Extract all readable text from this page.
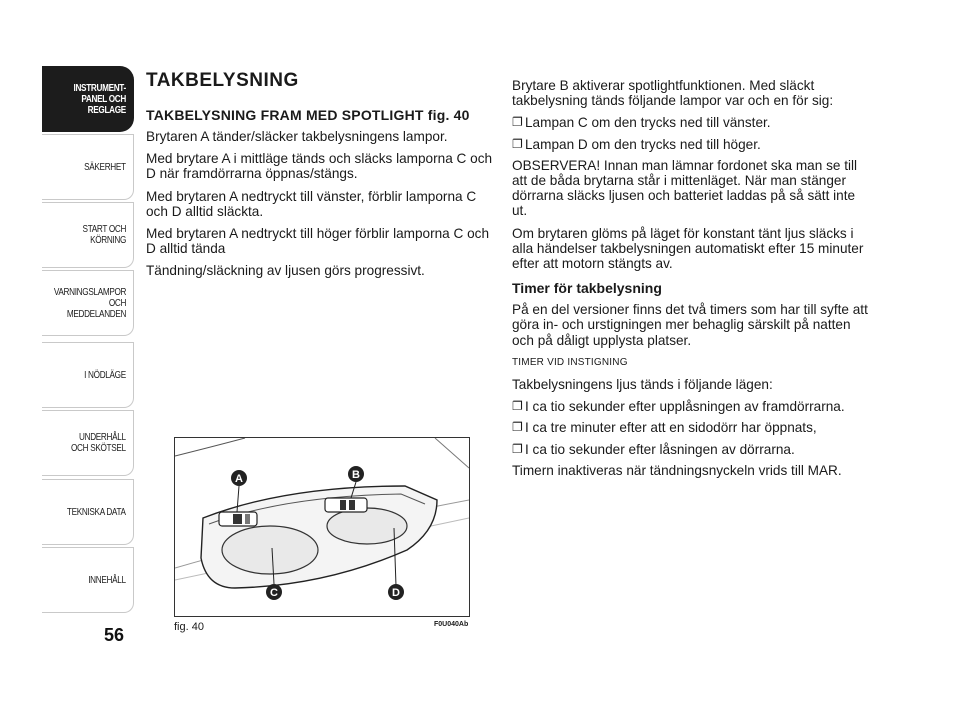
INSTRUMENT-
PANEL OCH
REGLAGE
SÄKERHET
START OCH
KÖRNING
VARNINGSLAMPOR
OCH
MEDDELANDEN
I NÖDLÄGE
UNDERHÅLL
OCH SKÖTSEL
TEKNISKA DATA
INNEHÅLL
56
TAKBELYSNING
TAKBELYSNING FRAM MED SPOTLIGHT fig. 40

Brytaren A tänder/släcker takbelysningens lampor.

Med brytare A i mittläge tänds och släcks lamporna C och D när framdörrarna öppnas/stängs.

Med brytaren A nedtryckt till vänster, förblir lamporna C och D alltid släckta.

Med brytaren A nedtryckt till höger förblir lamporna C och D alltid tända

Tändning/släckning av ljusen görs progressivt.

Brytare B aktiverar spotlightfunktionen. Med släckt takbelysning tänds följande lampor var och en för sig:

❐ Lampan C om den trycks ned till vänster.
❐ Lampan D om den trycks ned till höger.

OBSERVERA! Innan man lämnar fordonet ska man se till att de båda brytarna står i mittenläget. När man stänger dörrarna släcks ljusen och batteriet laddas på så sätt inte ut.

Om brytaren glöms på läget för konstant tänt ljus släcks i alla händelser takbelysningen automatiskt efter 15 minuter efter att motorn stängts av.

Timer för takbelysning

På en del versioner finns det två timers som har till syfte att göra in- och urstigningen mer behaglig särskilt på natten och på dåligt upplysta platser.

TIMER VID INSTIGNING

Takbelysningens ljus tänds i följande lägen:

❐ I ca tio sekunder efter upplåsningen av framdörrarna.
❐ I ca tre minuter efter att en sidodörr har öppnats,
❐ I ca tio sekunder efter låsningen av dörrarna.

Timern inaktiveras när tändningsnyckeln vrids till MAR.

A	B
C	D
fig. 40	F0U040Ab
